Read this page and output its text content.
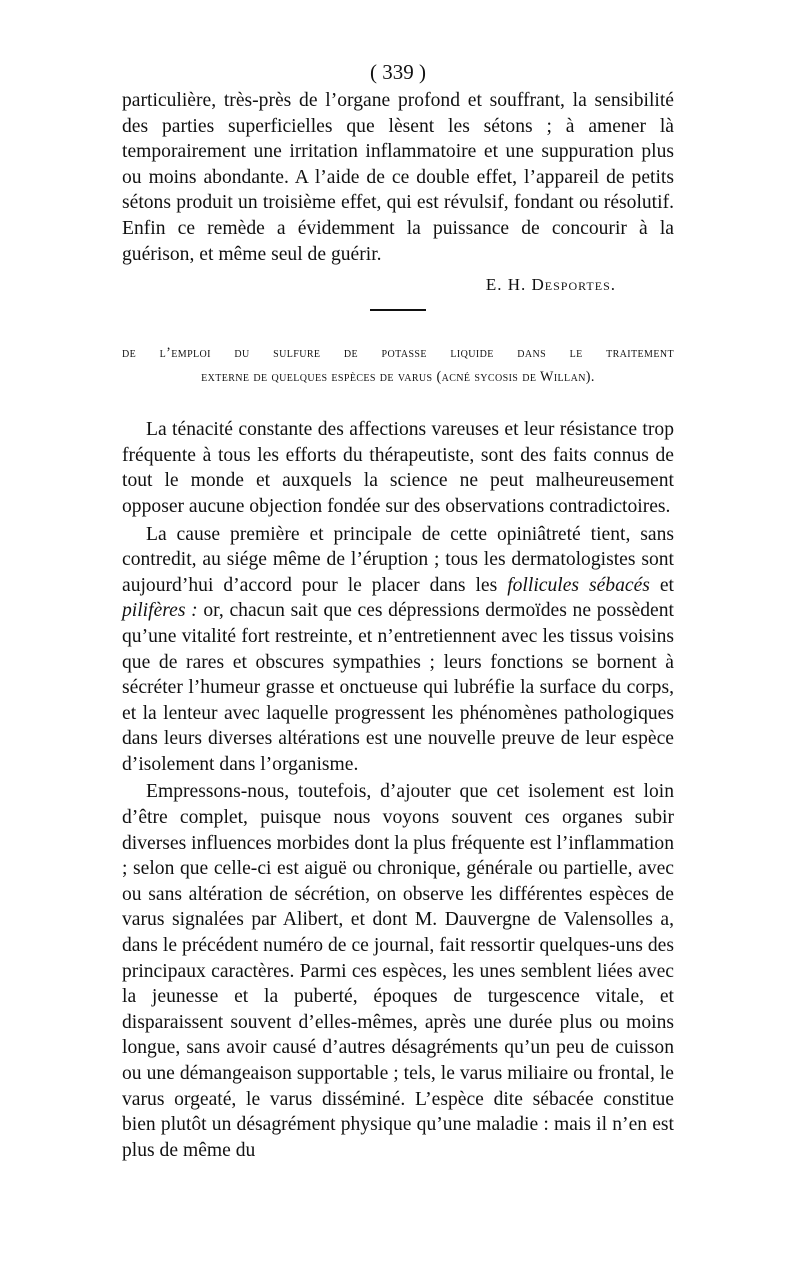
( 339 )

particulière, très-près de l’organe profond et souffrant, la sensibilité des parties superficielles que lèsent les sétons ; à amener là temporairement une irritation inflammatoire et une suppuration plus ou moins abondante. A l’aide de ce double effet, l’appareil de petits sétons produit un troisième effet, qui est révulsif, fondant ou résolutif. Enfin ce remède a évidemment la puissance de concourir à la guérison, et même seul de guérir.

E. H. Desportes.
de l’emploi du sulfure de potasse liquide dans le traitement
externe de quelques espèces de varus (acné sycosis de Willan).

La ténacité constante des affections vareuses et leur résistance trop fréquente à tous les efforts du thérapeutiste, sont des faits connus de tout le monde et auxquels la science ne peut malheureusement opposer aucune objection fondée sur des observations contradictoires.

La cause première et principale de cette opiniâtreté tient, sans contredit, au siége même de l’éruption ; tous les dermatologistes sont aujourd’hui d’accord pour le placer dans les follicules sébacés et pilifères : or, chacun sait que ces dépressions dermoïdes ne possèdent qu’une vitalité fort restreinte, et n’entretiennent avec les tissus voisins que de rares et obscures sympathies ; leurs fonctions se bornent à sécréter l’humeur grasse et onctueuse qui lubréfie la surface du corps, et la lenteur avec laquelle progressent les phénomènes pathologiques dans leurs diverses altérations est une nouvelle preuve de leur espèce d’isolement dans l’organisme.

Empressons-nous, toutefois, d’ajouter que cet isolement est loin d’être complet, puisque nous voyons souvent ces organes subir diverses influences morbides dont la plus fréquente est l’inflammation ; selon que celle-ci est aiguë ou chronique, générale ou partielle, avec ou sans altération de sécrétion, on observe les différentes espèces de varus signalées par Alibert, et dont M. Dauvergne de Valensolles a, dans le précédent numéro de ce journal, fait ressortir quelques-uns des principaux caractères. Parmi ces espèces, les unes semblent liées avec la jeunesse et la puberté, époques de turgescence vitale, et disparaissent souvent d’elles-mêmes, après une durée plus ou moins longue, sans avoir causé d’autres désagréments qu’un peu de cuisson ou une démangeaison supportable ; tels, le varus miliaire ou frontal, le varus orgeaté, le varus disséminé. L’espèce dite sébacée constitue bien plutôt un désagrément physique qu’une maladie : mais il n’en est plus de même du
